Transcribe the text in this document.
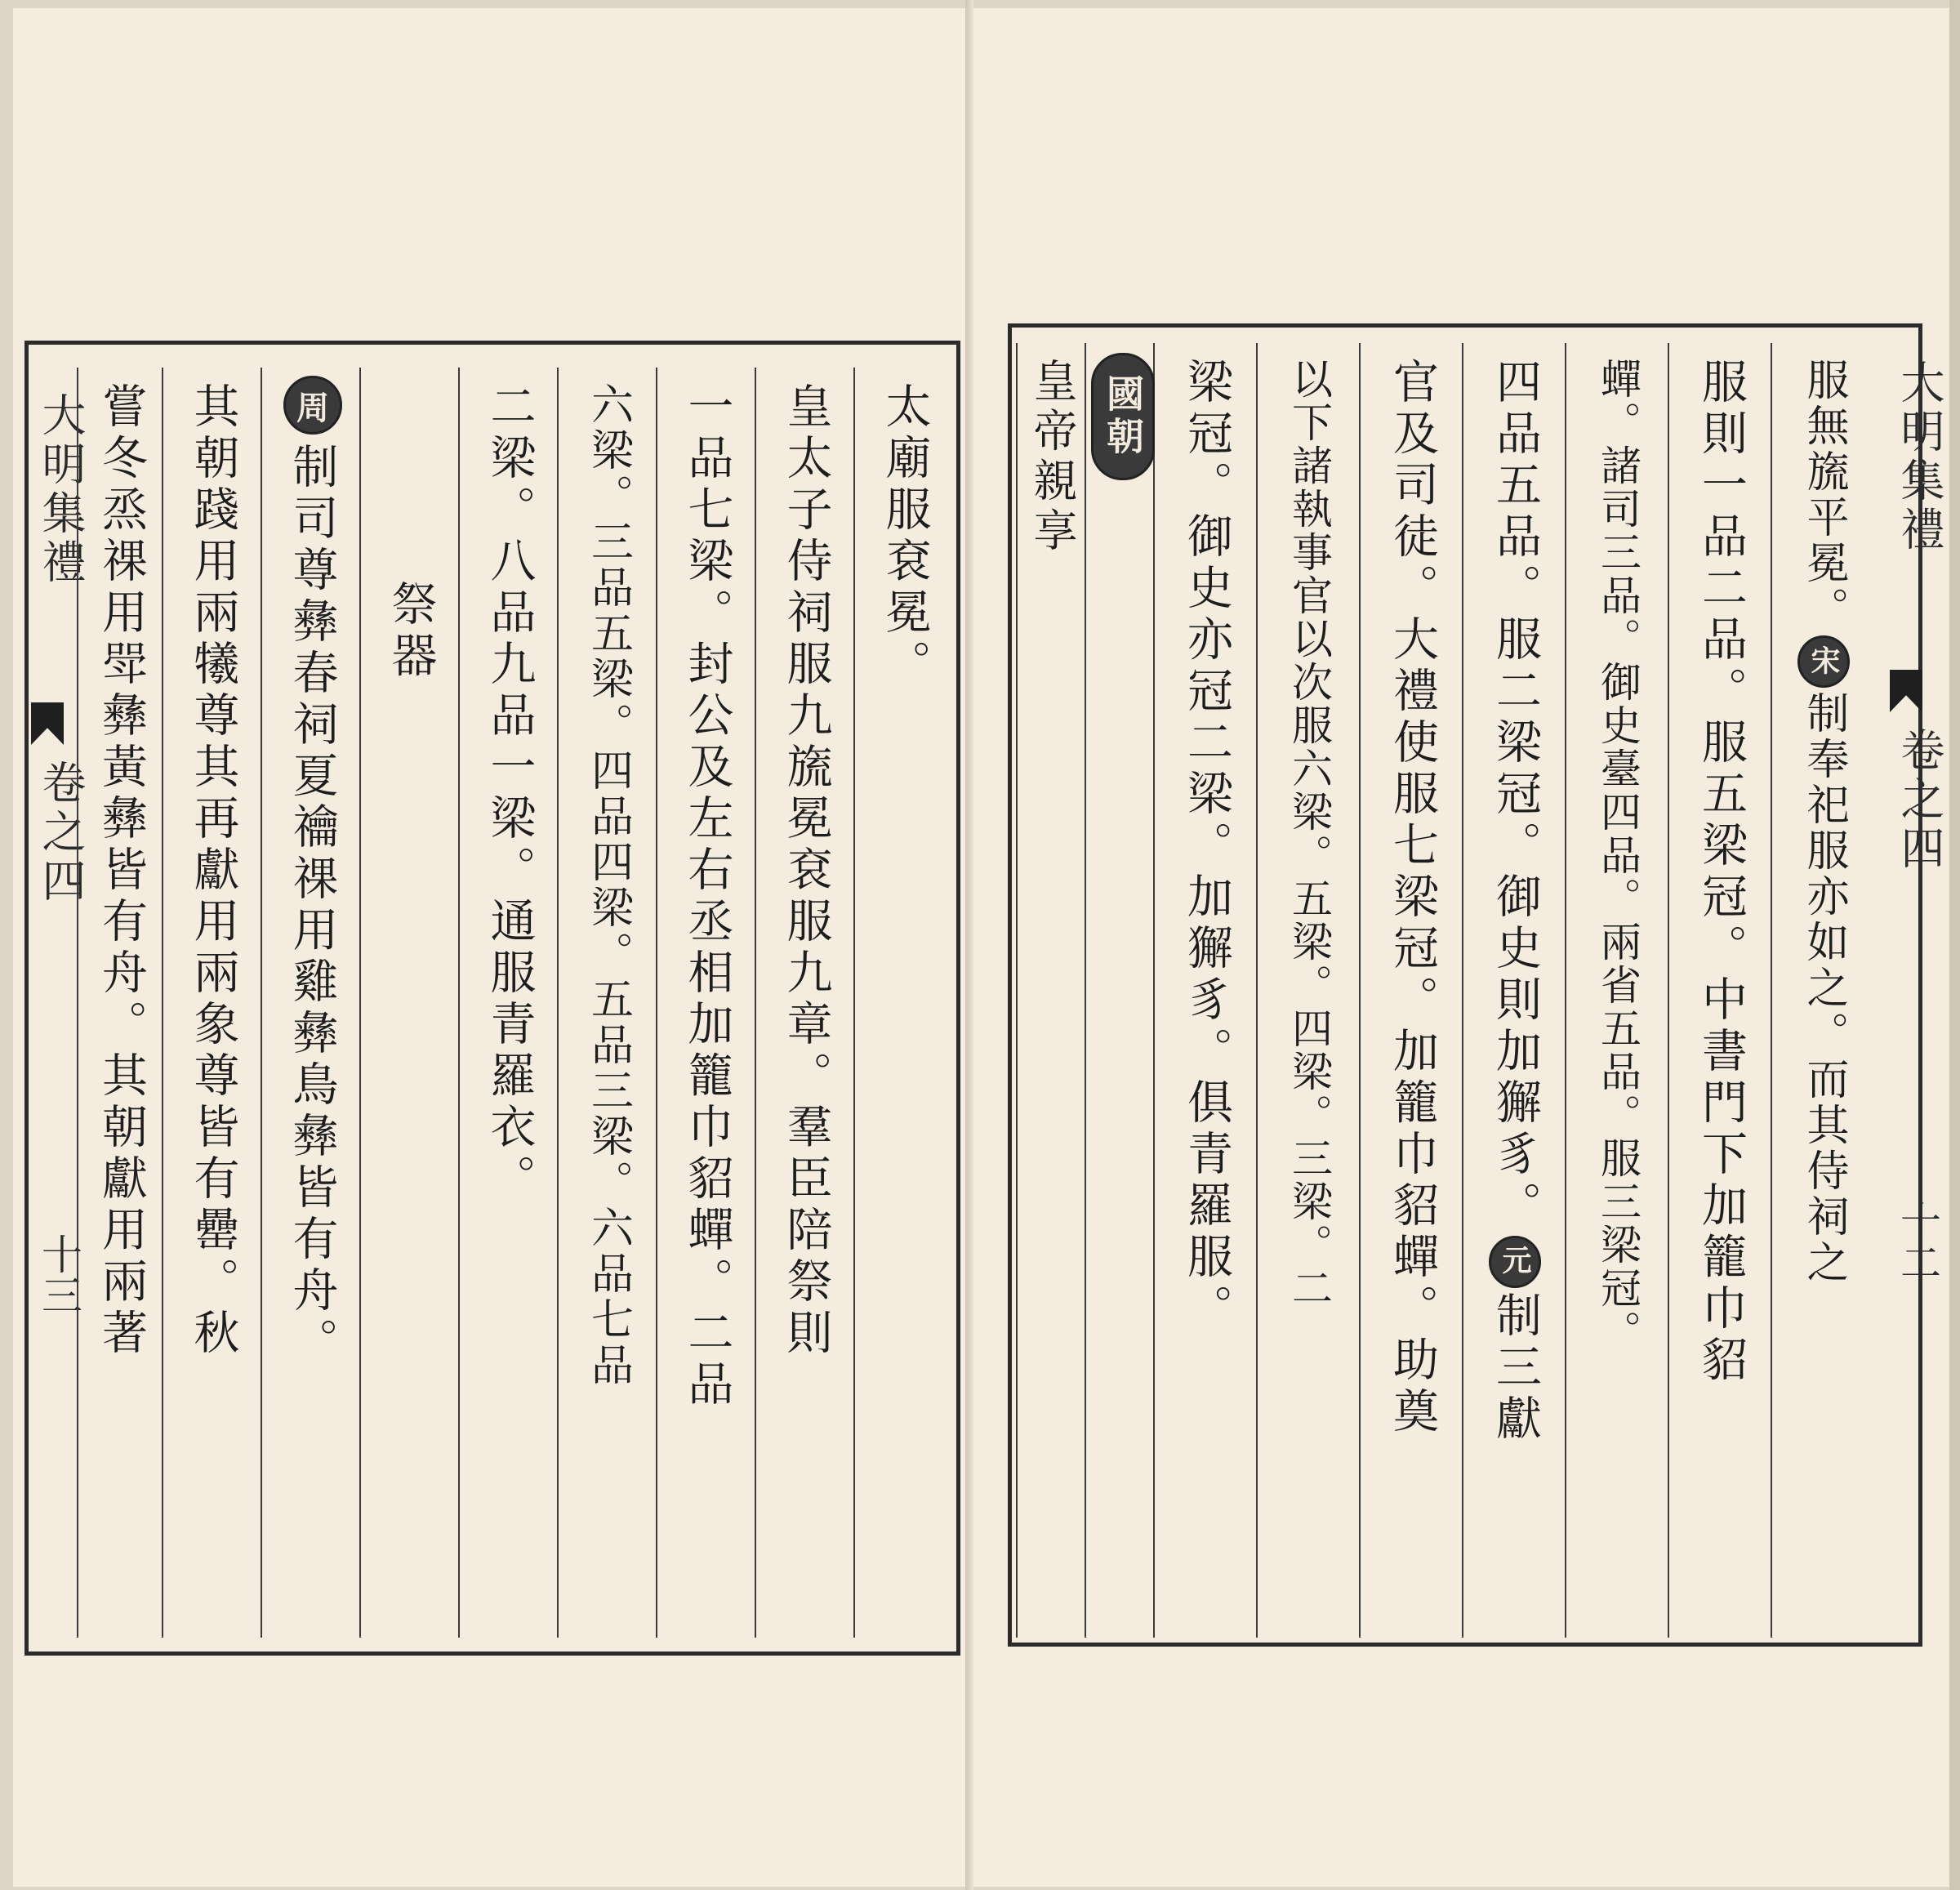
大明集禮
卷之四
十三
太廟服袞冕。
皇太子侍祠服九旒冕袞服九章。羣臣陪祭則
一品七梁。封公及左右丞相加籠巾貂蟬。二品
六梁。三品五梁。四品四梁。五品三梁。六品七品
二梁。八品九品一梁。通服青羅衣。
祭器
周
制司尊彝春祠夏禴祼用雞彝鳥彝皆有舟。
其朝踐用兩犧尊其再獻用兩象尊皆有罍。秋
嘗冬烝祼用斝彝黃彝皆有舟。其朝獻用兩著	大明集禮
卷之四
十二
服無旒平冕。
宋
制奉祀服亦如之。而其侍祠之
服則一品二品。服五梁冠。中書門下加籠巾貂
蟬。諸司三品。御史臺四品。兩省五品。服三梁冠。
四品五品。服二梁冠。御史則加獬豸。
元
制三獻
官及司徒。大禮使服七梁冠。加籠巾貂蟬。助奠
以下諸執事官以次服六梁。五梁。四梁。三梁。二
梁冠。御史亦冠二梁。加獬豸。俱青羅服。
國朝
皇帝親享
